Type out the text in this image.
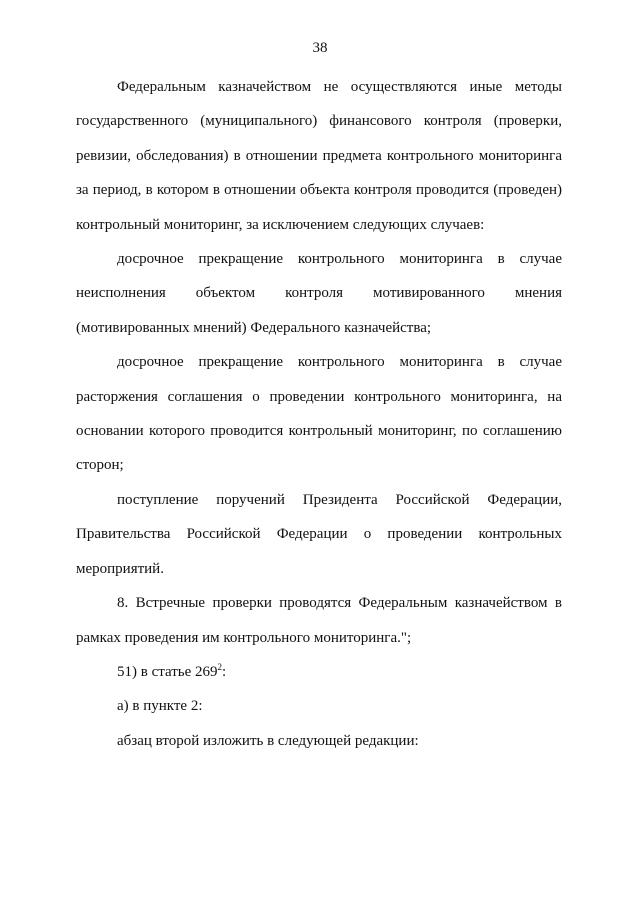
38

Федеральным казначейством не осуществляются иные методы государственного (муниципального) финансового контроля (проверки, ревизии, обследования) в отношении предмета контрольного мониторинга за период, в котором в отношении объекта контроля проводится (проведен) контрольный мониторинг, за исключением следующих случаев:

досрочное прекращение контрольного мониторинга в случае неисполнения объектом контроля мотивированного мнения (мотивированных мнений) Федерального казначейства;

досрочное прекращение контрольного мониторинга в случае расторжения соглашения о проведении контрольного мониторинга, на основании которого проводится контрольный мониторинг, по соглашению сторон;

поступление поручений Президента Российской Федерации, Правительства Российской Федерации о проведении контрольных мероприятий.

8. Встречные проверки проводятся Федеральным казначейством в рамках проведения им контрольного мониторинга.";

51) в статье $269^2$:

а) в пункте 2:

абзац второй изложить в следующей редакции:
